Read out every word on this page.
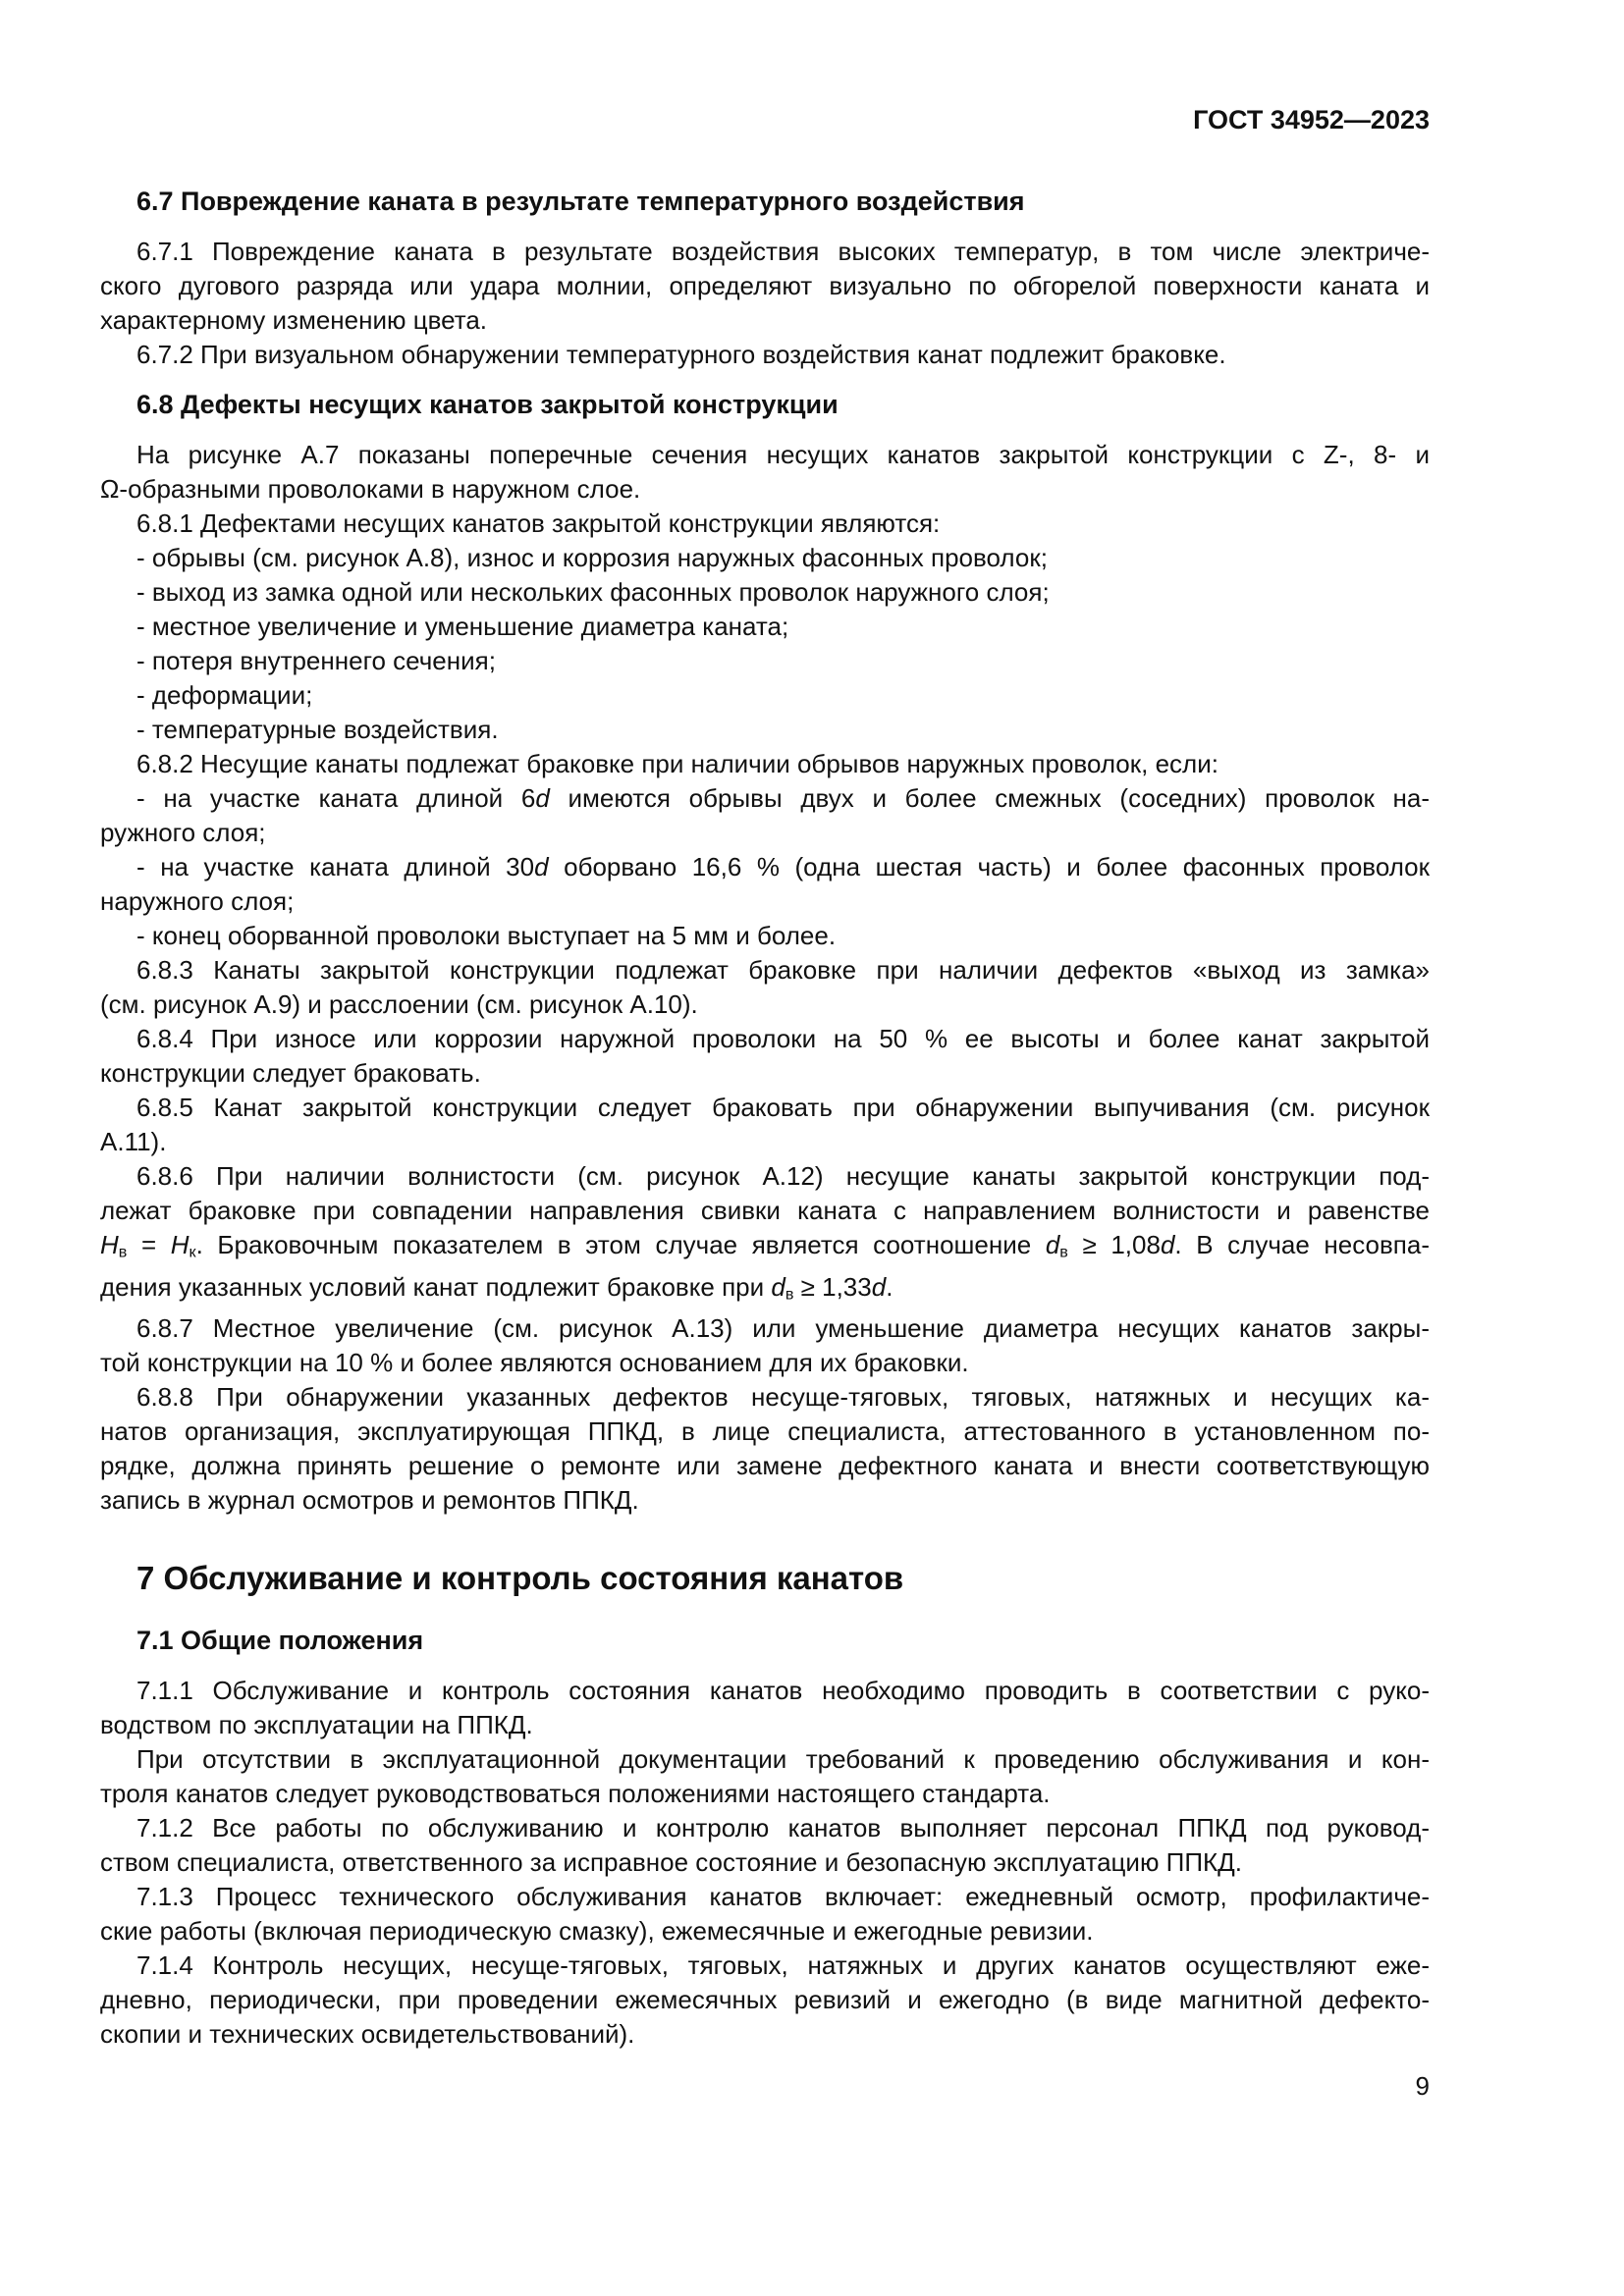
ГОСТ 34952—2023
6.7 Повреждение каната в результате температурного воздействия
6.7.1 Повреждение каната в результате воздействия высоких температур, в том числе электриче-
ского дугового разряда или удара молнии, определяют визуально по обгорелой поверхности каната и
характерному изменению цвета.
6.7.2 При визуальном обнаружении температурного воздействия канат подлежит браковке.
6.8 Дефекты несущих канатов закрытой конструкции
На рисунке А.7 показаны поперечные сечения несущих канатов закрытой конструкции с Z-, 8- и
Ω-образными проволоками в наружном слое.
6.8.1 Дефектами несущих канатов закрытой конструкции являются:
- обрывы (см. рисунок А.8), износ и коррозия наружных фасонных проволок;
- выход из замка одной или нескольких фасонных проволок наружного слоя;
- местное увеличение и уменьшение диаметра каната;
- потеря внутреннего сечения;
- деформации;
- температурные воздействия.
6.8.2 Несущие канаты подлежат браковке при наличии обрывов наружных проволок, если:
- на участке каната длиной 6d имеются обрывы двух и более смежных (соседних) проволок на-
ружного слоя;
- на участке каната длиной 30d оборвано 16,6 % (одна шестая часть) и более фасонных проволок
наружного слоя;
- конец оборванной проволоки выступает на 5 мм и более.
6.8.3 Канаты закрытой конструкции подлежат браковке при наличии дефектов «выход из замка»
(см. рисунок А.9) и расслоении (см. рисунок А.10).
6.8.4 При износе или коррозии наружной проволоки на 50 % ее высоты и более канат закрытой
конструкции следует браковать.
6.8.5 Канат закрытой конструкции следует браковать при обнаружении выпучивания (см. рисунок
А.11).
6.8.6 При наличии волнистости (см. рисунок А.12) несущие канаты закрытой конструкции под-
лежат браковке при совпадении направления свивки каната с направлением волнистости и равенстве
$Н_в = Н_к$. Браковочным показателем в этом случае является соотношение $d_в \ge 1,08d$. В случае несовпа-
дения указанных условий канат подлежит браковке при $d_в \ge 1,33d$.
6.8.7 Местное увеличение (см. рисунок А.13) или уменьшение диаметра несущих канатов закры-
той конструкции на 10 % и более являются основанием для их браковки.
6.8.8 При обнаружении указанных дефектов несуще-тяговых, тяговых, натяжных и несущих ка-
натов организация, эксплуатирующая ППКД, в лице специалиста, аттестованного в установленном по-
рядке, должна принять решение о ремонте или замене дефектного каната и внести соответствующую
запись в журнал осмотров и ремонтов ППКД.
7 Обслуживание и контроль состояния канатов
7.1 Общие положения
7.1.1 Обслуживание и контроль состояния канатов необходимо проводить в соответствии с руко-
водством по эксплуатации на ППКД.
При отсутствии в эксплуатационной документации требований к проведению обслуживания и кон-
троля канатов следует руководствоваться положениями настоящего стандарта.
7.1.2 Все работы по обслуживанию и контролю канатов выполняет персонал ППКД под руковод-
ством специалиста, ответственного за исправное состояние и безопасную эксплуатацию ППКД.
7.1.3 Процесс технического обслуживания канатов включает: ежедневный осмотр, профилактиче-
ские работы (включая периодическую смазку), ежемесячные и ежегодные ревизии.
7.1.4 Контроль несущих, несуще-тяговых, тяговых, натяжных и других канатов осуществляют еже-
дневно, периодически, при проведении ежемесячных ревизий и ежегодно (в виде магнитной дефекто-
скопии и технических освидетельствований).
9
